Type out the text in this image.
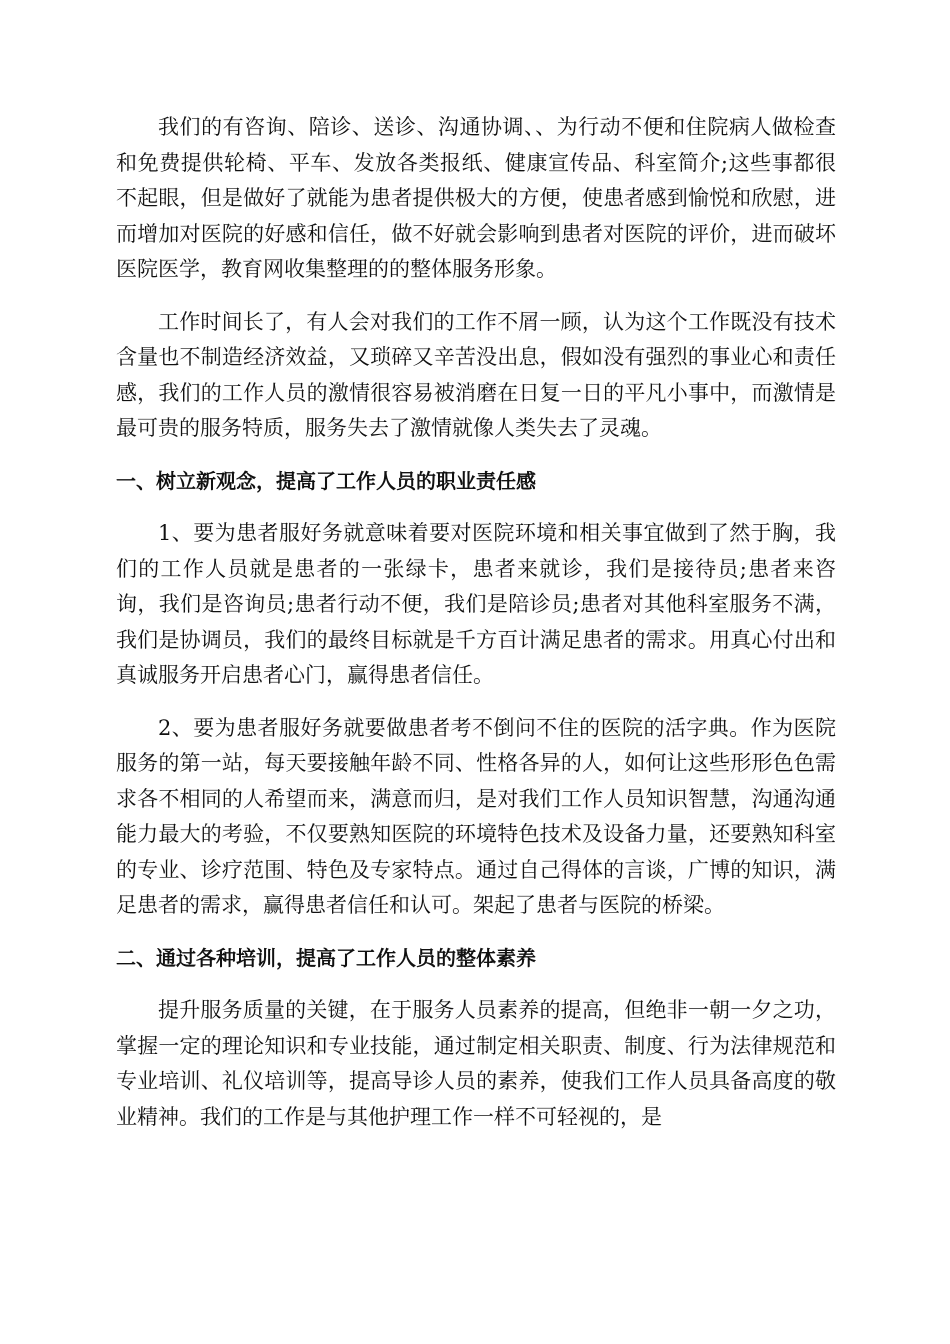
我们的有咨询、陪诊、送诊、沟通协调、、为行动不便和住院病人做检查和免费提供轮椅、平车、发放各类报纸、健康宣传品、科室简介;这些事都很不起眼，但是做好了就能为患者提供极大的方便，使患者感到愉悦和欣慰，进而增加对医院的好感和信任，做不好就会影响到患者对医院的评价，进而破坏医院医学，教育网收集整理的的整体服务形象。

工作时间长了，有人会对我们的工作不屑一顾，认为这个工作既没有技术含量也不制造经济效益，又琐碎又辛苦没出息，假如没有强烈的事业心和责任感，我们的工作人员的激情很容易被消磨在日复一日的平凡小事中，而激情是最可贵的服务特质，服务失去了激情就像人类失去了灵魂。

一、树立新观念，提高了工作人员的职业责任感

1、要为患者服好务就意味着要对医院环境和相关事宜做到了然于胸，我们的工作人员就是患者的一张绿卡，患者来就诊，我们是接待员;患者来咨询，我们是咨询员;患者行动不便，我们是陪诊员;患者对其他科室服务不满，我们是协调员，我们的最终目标就是千方百计满足患者的需求。用真心付出和真诚服务开启患者心门，赢得患者信任。

2、要为患者服好务就要做患者考不倒问不住的医院的活字典。作为医院服务的第一站，每天要接触年龄不同、性格各异的人，如何让这些形形色色需求各不相同的人希望而来，满意而归，是对我们工作人员知识智慧，沟通沟通能力最大的考验，不仅要熟知医院的环境特色技术及设备力量，还要熟知科室的专业、诊疗范围、特色及专家特点。通过自己得体的言谈，广博的知识，满足患者的需求，赢得患者信任和认可。架起了患者与医院的桥梁。

二、通过各种培训，提高了工作人员的整体素养

提升服务质量的关键，在于服务人员素养的提高，但绝非一朝一夕之功，掌握一定的理论知识和专业技能，通过制定相关职责、制度、行为法律规范和专业培训、礼仪培训等，提高导诊人员的素养，使我们工作人员具备高度的敬业精神。我们的工作是与其他护理工作一样不可轻视的，是
